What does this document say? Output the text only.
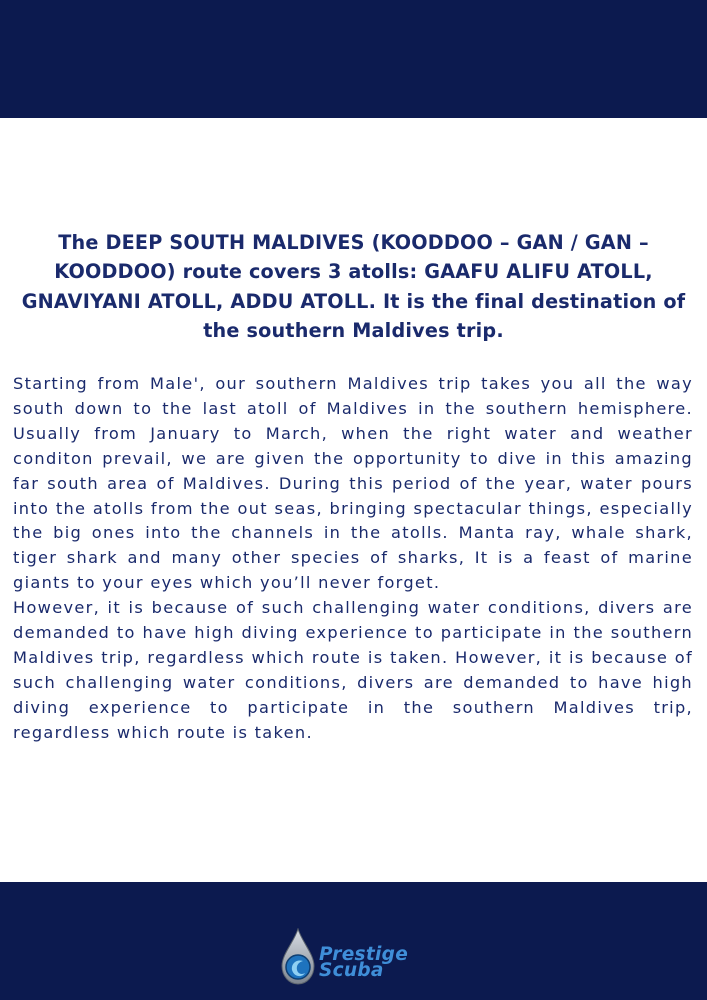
The DEEP SOUTH MALDIVES (KOODDOO – GAN / GAN – KOODDOO) route covers 3 atolls: GAAFU ALIFU ATOLL, GNAVIYANI ATOLL, ADDU ATOLL. It is the final destination of the southern Maldives trip.

Starting from Male', our southern Maldives trip takes you all the way south down to the last atoll of Maldives in the southern hemisphere. Usually from January to March, when the right water and weather conditon prevail, we are given the opportunity to dive in this amazing far south area of Maldives. During this period of the year, water pours into the atolls from the out seas, bringing spectacular things, especially the big ones into the channels in the atolls. Manta ray, whale shark, tiger shark and many other species of sharks, It is a feast of marine giants to your eyes which you’ll never forget.

However, it is because of such challenging water conditions, divers are demanded to have high diving experience to participate in the southern Maldives trip, regardless which route is taken. However, it is because of such challenging water conditions, divers are demanded to have high diving experience to participate in the southern Maldives trip, regardless which route is taken.

Prestige
Scuba
